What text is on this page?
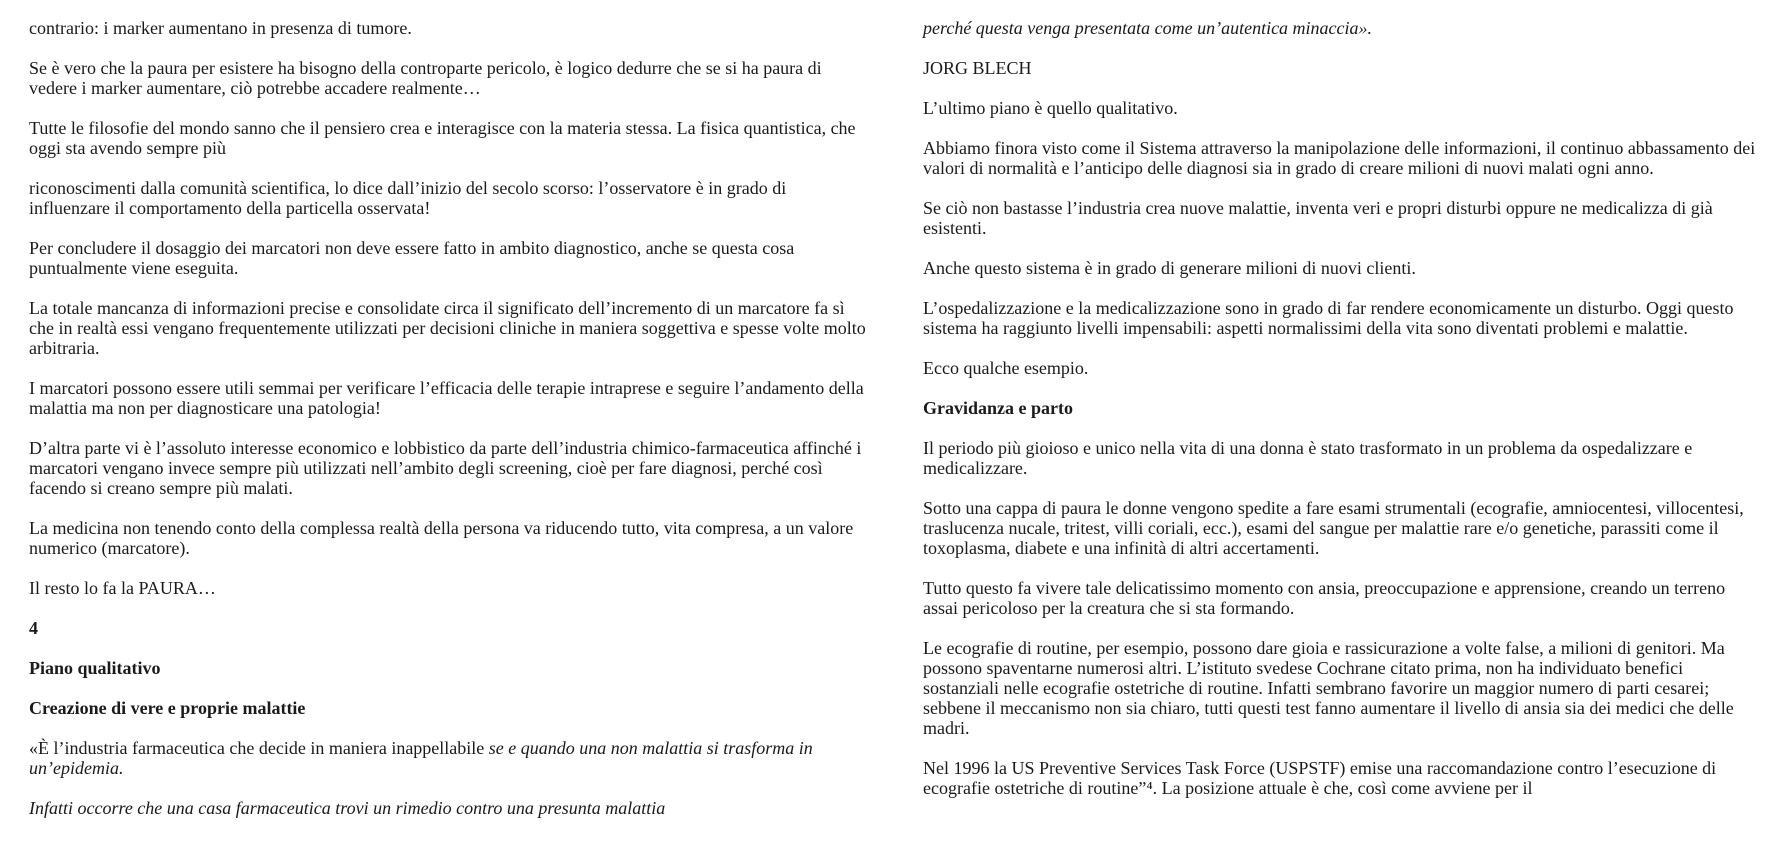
contrario: i marker aumentano in presenza di tumore.

Se è vero che la paura per esistere ha bisogno della controparte pericolo, è logico dedurre che se si ha paura di vedere i marker aumentare, ciò potrebbe accadere realmente…

Tutte le filosofie del mondo sanno che il pensiero crea e interagisce con la materia stessa. La fisica quantistica, che oggi sta avendo sempre più

riconoscimenti dalla comunità scientifica, lo dice dall’inizio del secolo scorso: l’osservatore è in grado di influenzare il comportamento della particella osservata!

Per concludere il dosaggio dei marcatori non deve essere fatto in ambito diagnostico, anche se questa cosa puntualmente viene eseguita.

La totale mancanza di informazioni precise e consolidate circa il significato dell’incremento di un marcatore fa sì che in realtà essi vengano frequentemente utilizzati per decisioni cliniche in maniera soggettiva e spesse volte molto arbitraria.

I marcatori possono essere utili semmai per verificare l’efficacia delle terapie intraprese e seguire l’andamento della malattia ma non per diagnosticare una patologia!

D’altra parte vi è l’assoluto interesse economico e lobbistico da parte dell’industria chimico-farmaceutica affinché i marcatori vengano invece sempre più utilizzati nell’ambito degli screening, cioè per fare diagnosi, perché così facendo si creano sempre più malati.

La medicina non tenendo conto della complessa realtà della persona va riducendo tutto, vita compresa, a un valore numerico (marcatore).

Il resto lo fa la PAURA…

4

Piano qualitativo

Creazione di vere e proprie malattie

«È l’industria farmaceutica che decide in maniera inappellabile se e quando una non malattia si trasforma in un’epidemia.

Infatti occorre che una casa farmaceutica trovi un rimedio contro una presunta malattia

perché questa venga presentata come un’autentica minaccia».

JORG BLECH

L’ultimo piano è quello qualitativo.

Abbiamo finora visto come il Sistema attraverso la manipolazione delle informazioni, il continuo abbassamento dei valori di normalità e l’anticipo delle diagnosi sia in grado di creare milioni di nuovi malati ogni anno.

Se ciò non bastasse l’industria crea nuove malattie, inventa veri e propri disturbi oppure ne medicalizza di già esistenti.

Anche questo sistema è in grado di generare milioni di nuovi clienti.

L’ospedalizzazione e la medicalizzazione sono in grado di far rendere economicamente un disturbo. Oggi questo sistema ha raggiunto livelli impensabili: aspetti normalissimi della vita sono diventati problemi e malattie.

Ecco qualche esempio.

Gravidanza e parto

Il periodo più gioioso e unico nella vita di una donna è stato trasformato in un problema da ospedalizzare e medicalizzare.

Sotto una cappa di paura le donne vengono spedite a fare esami strumentali (ecografie, amniocentesi, villocentesi, traslucenza nucale, tritest, villi coriali, ecc.), esami del sangue per malattie rare e/o genetiche, parassiti come il toxoplasma, diabete e una infinità di altri accertamenti.

Tutto questo fa vivere tale delicatissimo momento con ansia, preoccupazione e apprensione, creando un terreno assai pericoloso per la creatura che si sta formando.

Le ecografie di routine, per esempio, possono dare gioia e rassicurazione a volte false, a milioni di genitori. Ma possono spaventarne numerosi altri. L’istituto svedese Cochrane citato prima, non ha individuato benefici sostanziali nelle ecografie ostetriche di routine. Infatti sembrano favorire un maggior numero di parti cesarei; sebbene il meccanismo non sia chiaro, tutti questi test fanno aumentare il livello di ansia sia dei medici che delle madri.

Nel 1996 la US Preventive Services Task Force (USPSTF) emise una raccomandazione contro l’esecuzione di ecografie ostetriche di routine”⁴. La posizione attuale è che, così come avviene per il
